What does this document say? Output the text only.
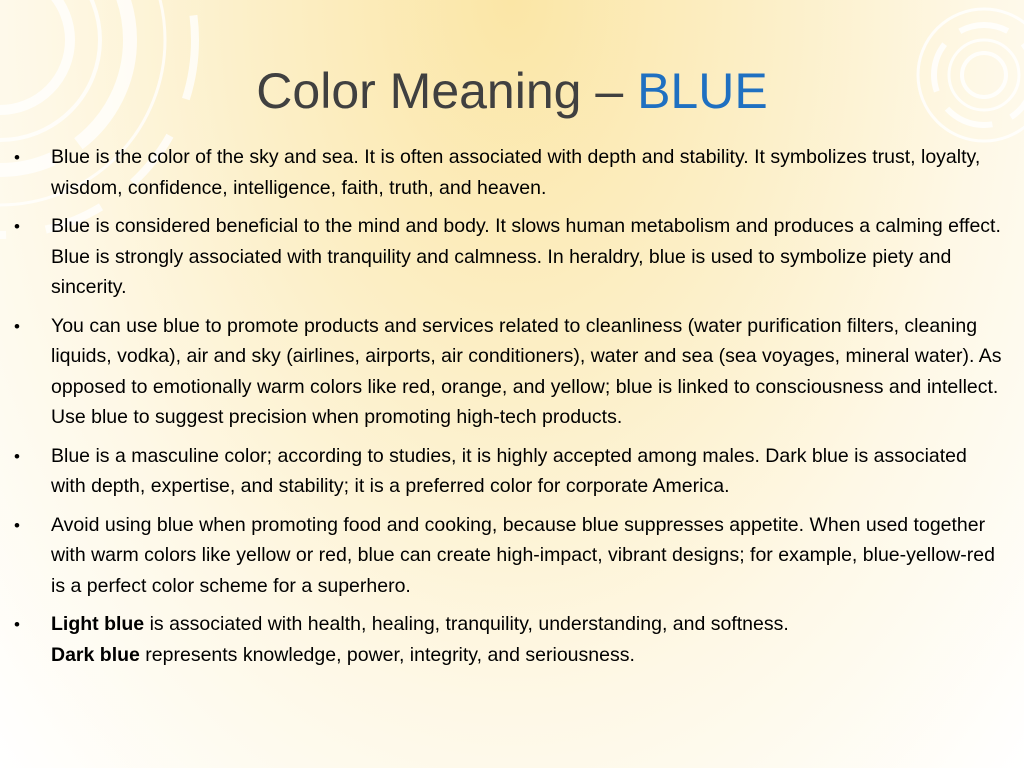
Color Meaning – BLUE
•	Blue is the color of the sky and sea. It is often associated with depth and stability. It symbolizes trust, loyalty, wisdom, confidence, intelligence, faith, truth, and heaven.
•	Blue is considered beneficial to the mind and body. It slows human metabolism and produces a calming effect. Blue is strongly associated with tranquility and calmness. In heraldry, blue is used to symbolize piety and sincerity.
•	You can use blue to promote products and services related to cleanliness (water purification filters, cleaning liquids, vodka), air and sky (airlines, airports, air conditioners), water and sea (sea voyages, mineral water). As opposed to emotionally warm colors like red, orange, and yellow; blue is linked to consciousness and intellect. Use blue to suggest precision when promoting high-tech products.
•	Blue is a masculine color; according to studies, it is highly accepted among males. Dark blue is associated with depth, expertise, and stability; it is a preferred color for corporate America.
•	Avoid using blue when promoting food and cooking, because blue suppresses appetite. When used together with warm colors like yellow or red, blue can create high-impact, vibrant designs; for example, blue-yellow-red is a perfect color scheme for a superhero.
•	Light blue is associated with health, healing, tranquility, understanding, and softness.
Dark blue represents knowledge, power, integrity, and seriousness.
